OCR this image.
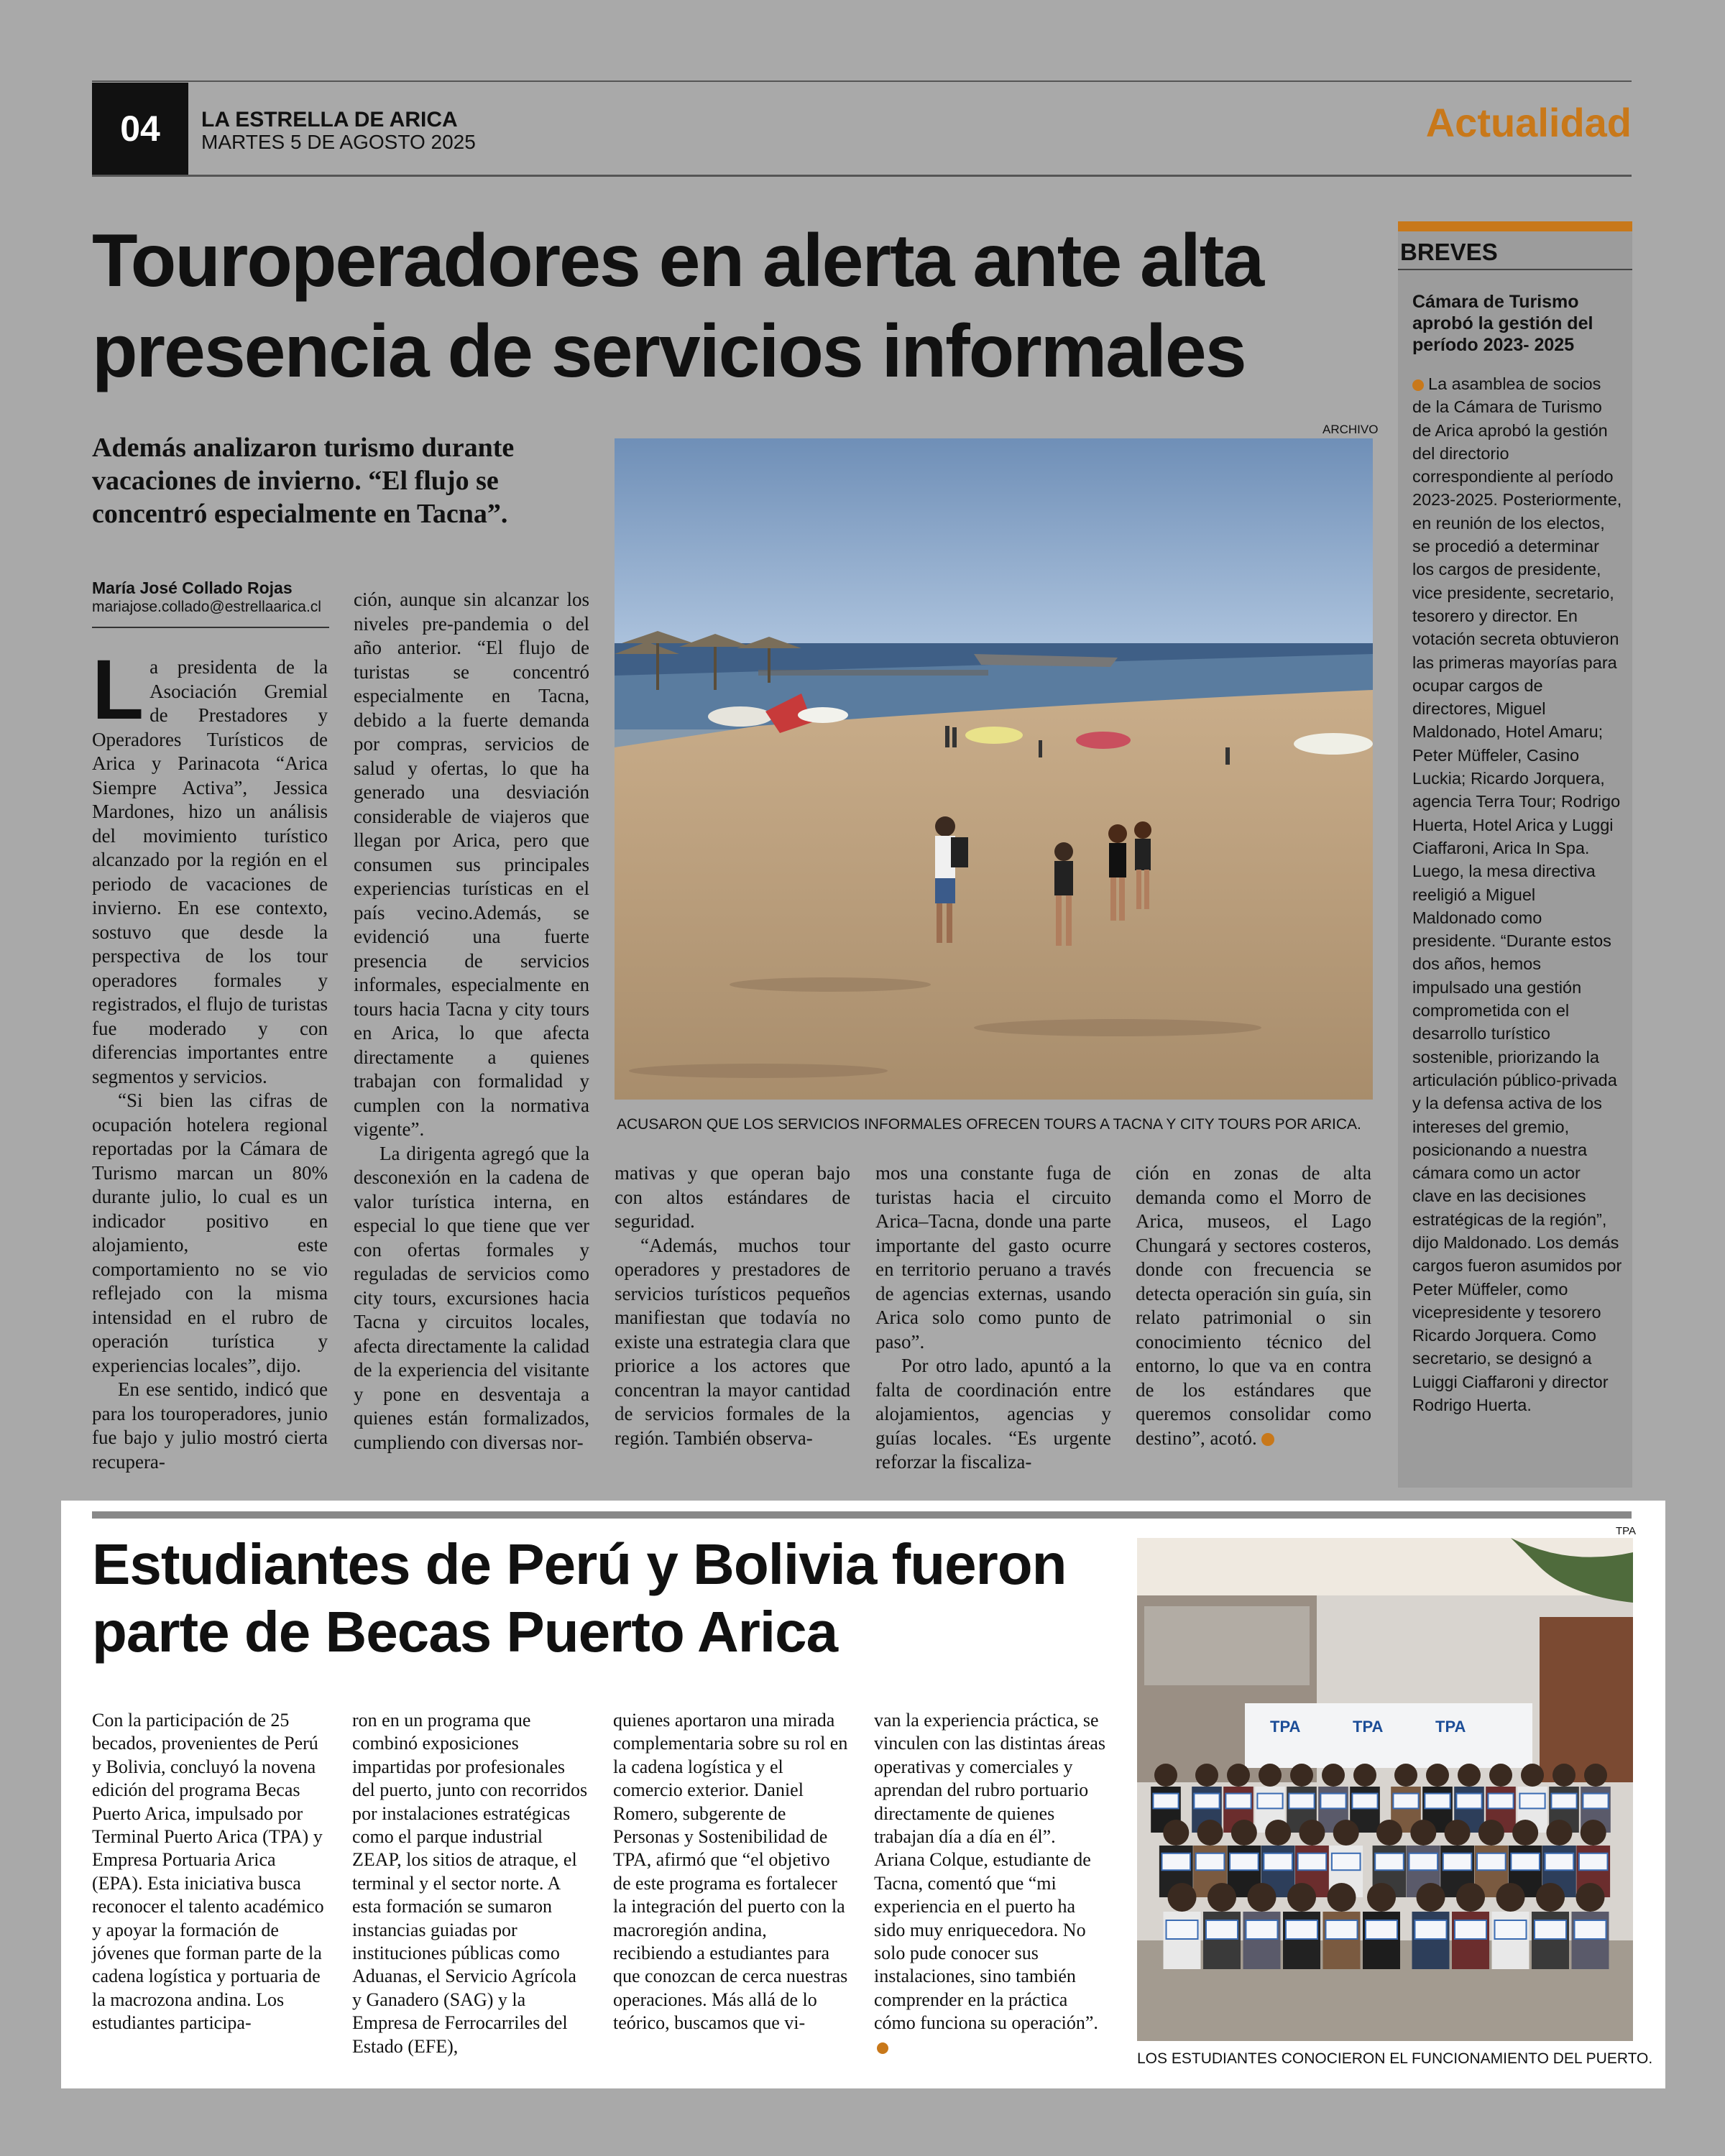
04	LA ESTRELLA DE ARICA
MARTES 5 DE AGOSTO 2025	Actualidad
Touroperadores en alerta ante alta presencia de servicios informales
Además analizaron turismo durante vacaciones de invierno. “El flujo se concentró especialmente en Tacna”.
María José Collado Rojas
mariajose.collado@estrellaarica.cl

La presidenta de la Asociación Gremial de Prestadores y Operadores Turísticos de Arica y Parinacota “Arica Siempre Activa”, Jessica Mardones, hizo un análisis del movimiento turístico alcanzado por la región en el periodo de vacaciones de invierno. En ese contexto, sostuvo que desde la perspectiva de los tour operadores formales y registrados, el flujo de turistas fue moderado y con diferencias importantes entre segmentos y servicios.

“Si bien las cifras de ocupación hotelera regional reportadas por la Cámara de Turismo marcan un 80% durante julio, lo cual es un indicador positivo en alojamiento, este comportamiento no se vio reflejado con la misma intensidad en el rubro de operación turística y experiencias locales”, dijo.

En ese sentido, indicó que para los touroperadores, junio fue bajo y julio mostró cierta recupera-

ción, aunque sin alcanzar los niveles pre-pandemia o del año anterior. “El flujo de turistas se concentró especialmente en Tacna, debido a la fuerte demanda por compras, servicios de salud y ofertas, lo que ha generado una desviación considerable de viajeros que llegan por Arica, pero que consumen sus principales experiencias turísticas en el país vecino.Además, se evidenció una fuerte presencia de servicios informales, especialmente en tours hacia Tacna y city tours en Arica, lo que afecta directamente a quienes trabajan con formalidad y cumplen con la normativa vigente”.

La dirigenta agregó que la desconexión en la cadena de valor turística interna, en especial lo que tiene que ver con ofertas formales y reguladas de servicios como city tours, excursiones hacia Tacna y circuitos locales, afecta directamente la calidad de la experiencia del visitante y pone en desventaja a quienes están formalizados, cumpliendo con diversas nor-

mativas y que operan bajo con altos estándares de seguridad.

“Además, muchos tour operadores y prestadores de servicios turísticos pequeños manifiestan que todavía no existe una estrategia clara que priorice a los actores que concentran la mayor cantidad de servicios formales de la región. También observa-

mos una constante fuga de turistas hacia el circuito Arica–Tacna, donde una parte importante del gasto ocurre en territorio peruano a través de agencias externas, usando Arica solo como punto de paso”.

Por otro lado, apuntó a la falta de coordinación entre alojamientos, agencias y guías locales. “Es urgente reforzar la fiscaliza-

ción en zonas de alta demanda como el Morro de Arica, museos, el Lago Chungará y sectores costeros, donde con frecuencia se detecta operación sin guía, sin relato patrimonial o sin conocimiento técnico del entorno, lo que va en contra de los estándares que queremos consolidar como destino”, acotó.

ARCHIVO
ACUSARON QUE LOS SERVICIOS INFORMALES OFRECEN TOURS A TACNA Y CITY TOURS POR ARICA.
BREVES
Cámara de Turismo aprobó la gestión del período 2023- 2025
La asamblea de socios de la Cámara de Turismo de Arica aprobó la gestión del directorio correspondiente al período 2023-2025. Posteriormente, en reunión de los electos, se procedió a determinar los cargos de presidente, vice presidente, secretario, tesorero y director. En votación secreta obtuvieron las primeras mayorías para ocupar cargos de directores, Miguel Maldonado, Hotel Amaru; Peter Müffeler, Casino Luckia; Ricardo Jorquera, agencia Terra Tour; Rodrigo Huerta, Hotel Arica y Luggi Ciaffaroni, Arica In Spa. Luego, la mesa directiva reeligió a Miguel Maldonado como presidente. “Durante estos dos años, hemos impulsado una gestión comprometida con el desarrollo turístico sostenible, priorizando la articulación público-privada y la defensa activa de los intereses del gremio, posicionando a nuestra cámara como un actor clave en las decisiones estratégicas de la región”, dijo Maldonado. Los demás cargos fueron asumidos por Peter Müffeler, como vicepresidente y tesorero Ricardo Jorquera. Como secretario, se designó a Luiggi Ciaffaroni y director Rodrigo Huerta.
Estudiantes de Perú y Bolivia fueron parte de Becas Puerto Arica
Con la participación de 25 becados, provenientes de Perú y Bolivia, concluyó la novena edición del programa Becas Puerto Arica, impulsado por Terminal Puerto Arica (TPA) y Empresa Portuaria Arica (EPA). Esta iniciativa busca reconocer el talento académico y apoyar la formación de jóvenes que forman parte de la cadena logística y portuaria de la macrozona andina. Los estudiantes participa-
ron en un programa que combinó exposiciones impartidas por profesionales del puerto, junto con recorridos por instalaciones estratégicas como el parque industrial ZEAP, los sitios de atraque, el terminal y el sector norte. A esta formación se sumaron instancias guiadas por instituciones públicas como Aduanas, el Servicio Agrícola y Ganadero (SAG) y la Empresa de Ferrocarriles del Estado (EFE),
quienes aportaron una mirada complementaria sobre su rol en la cadena logística y el comercio exterior. Daniel Romero, subgerente de Personas y Sostenibilidad de TPA, afirmó que “el objetivo de este programa es fortalecer la integración del puerto con la macroregión andina, recibiendo a estudiantes para que conozcan de cerca nuestras operaciones. Más allá de lo teórico, buscamos que vi-
van la experiencia práctica, se vinculen con las distintas áreas operativas y comerciales y aprendan del rubro portuario directamente de quienes trabajan día a día en él”. Ariana Colque, estudiante de Tacna, comentó que “mi experiencia en el puerto ha sido muy enriquecedora. No solo pude conocer sus instalaciones, sino también comprender en la práctica cómo funciona su operación”.
TPA
TPA	TPA	TPA
LOS ESTUDIANTES CONOCIERON EL FUNCIONAMIENTO DEL PUERTO.
